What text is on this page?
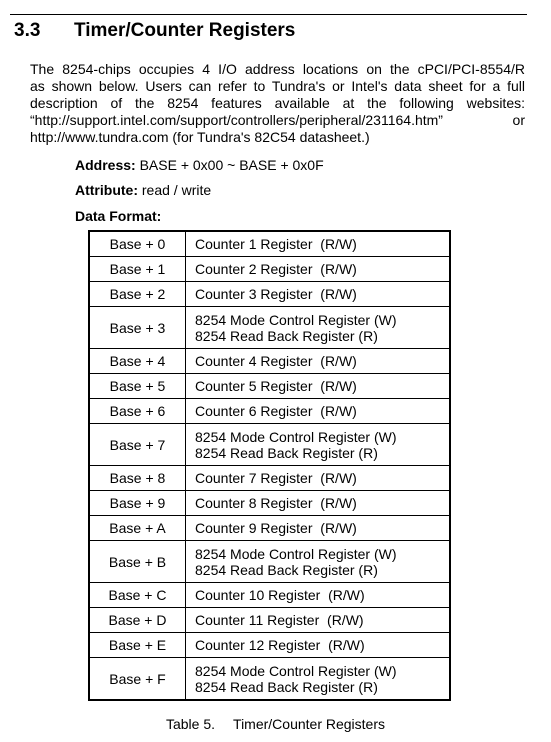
3.3 Timer/Counter Registers

The 8254-chips occupies 4 I/O address locations on the cPCI/PCI-8554/R

as shown below. Users can refer to Tundra's or Intel's data sheet for a full

description of the 8254 features available at the following websites:

“http://support.intel.com/support/controllers/peripheral/231164.htm” or

http://www.tundra.com (for Tundra's 82C54 datasheet.)

Address: BASE + 0x00 ~ BASE + 0x0F
Attribute: read / write
Data Format:
Base + 0	Counter 1 Register  (R/W)

Base + 1	Counter 2 Register  (R/W)

Base + 2	Counter 3 Register  (R/W)

Base + 3	8254 Mode Control Register (W)
8254 Read Back Register (R)

Base + 4	Counter 4 Register  (R/W)

Base + 5	Counter 5 Register  (R/W)

Base + 6	Counter 6 Register  (R/W)

Base + 7	8254 Mode Control Register (W)
8254 Read Back Register (R)

Base + 8	Counter 7 Register  (R/W)

Base + 9	Counter 8 Register  (R/W)

Base + A	Counter 9 Register  (R/W)

Base + B	8254 Mode Control Register (W)
8254 Read Back Register (R)

Base + C	Counter 10 Register  (R/W)

Base + D	Counter 11 Register  (R/W)

Base + E	Counter 12 Register  (R/W)

Base + F	8254 Mode Control Register (W)
8254 Read Back Register (R)
Table 5. Timer/Counter Registers
